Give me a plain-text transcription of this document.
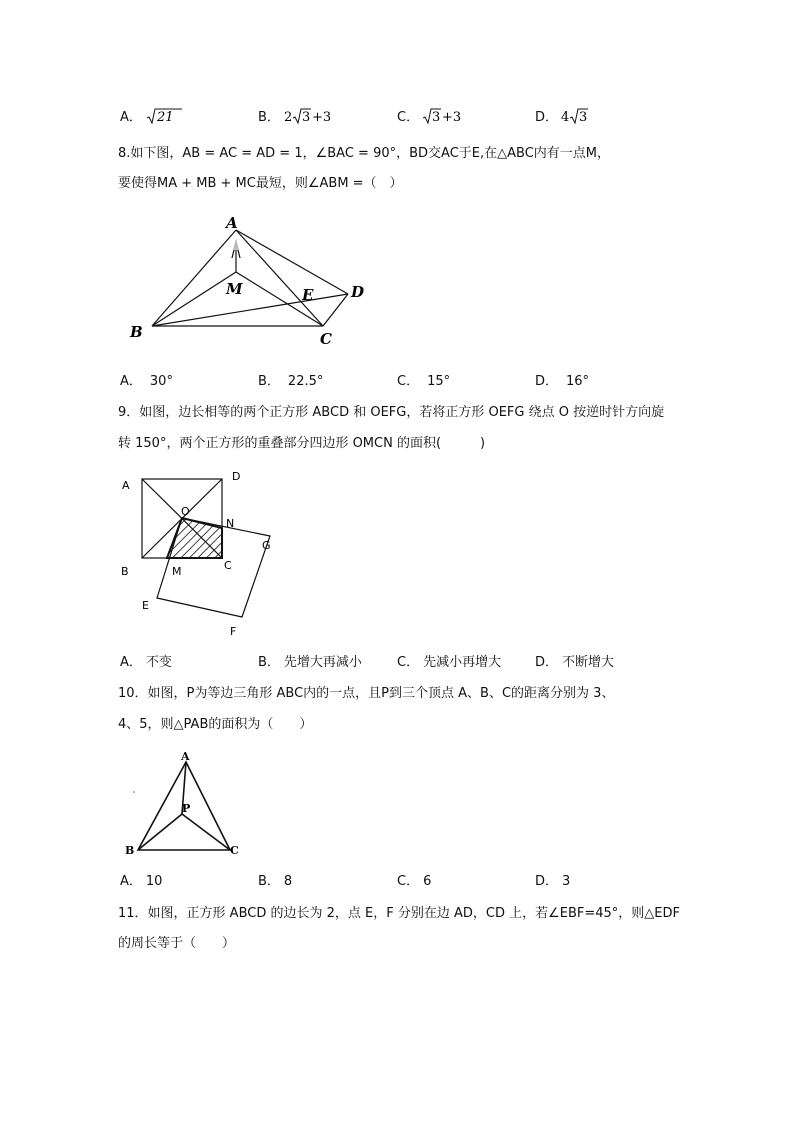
A． 21	B． 2 3 +3	C． 3 +3	D． 4 3
8.如下图，AB = AC = AD = 1，∠BAC = 90°，BD交AC于E,在△ABC内有一点M，
要使得MA + MB + MC最短，则∠ABM =（　）
A
M	E	D
B	C
A． 30°	B． 22.5°	C． 15°	D． 16°
9．如图，边长相等的两个正方形 ABCD 和 OEFG，若将正方形 OEFG 绕点 O 按逆时针方向旋
转 150°，两个正方形的重叠部分四边形 OMCN 的面积(　　　)
A
D
O
N
G
B	M	C
E
F
A． 不变	B． 先增大再减小	C． 先减小再增大	D． 不断增大
10．如图，P为等边三角形 ABC内的一点，且P到三个顶点 A、B、C的距离分别为 3、
4、5，则△PAB的面积为（　　）
A
P
B	C
A． 10	B． 8	C． 6	D． 3
11．如图，正方形 ABCD 的边长为 2，点 E，F 分别在边 AD，CD 上，若∠EBF=45°，则△EDF
的周长等于（　　）
